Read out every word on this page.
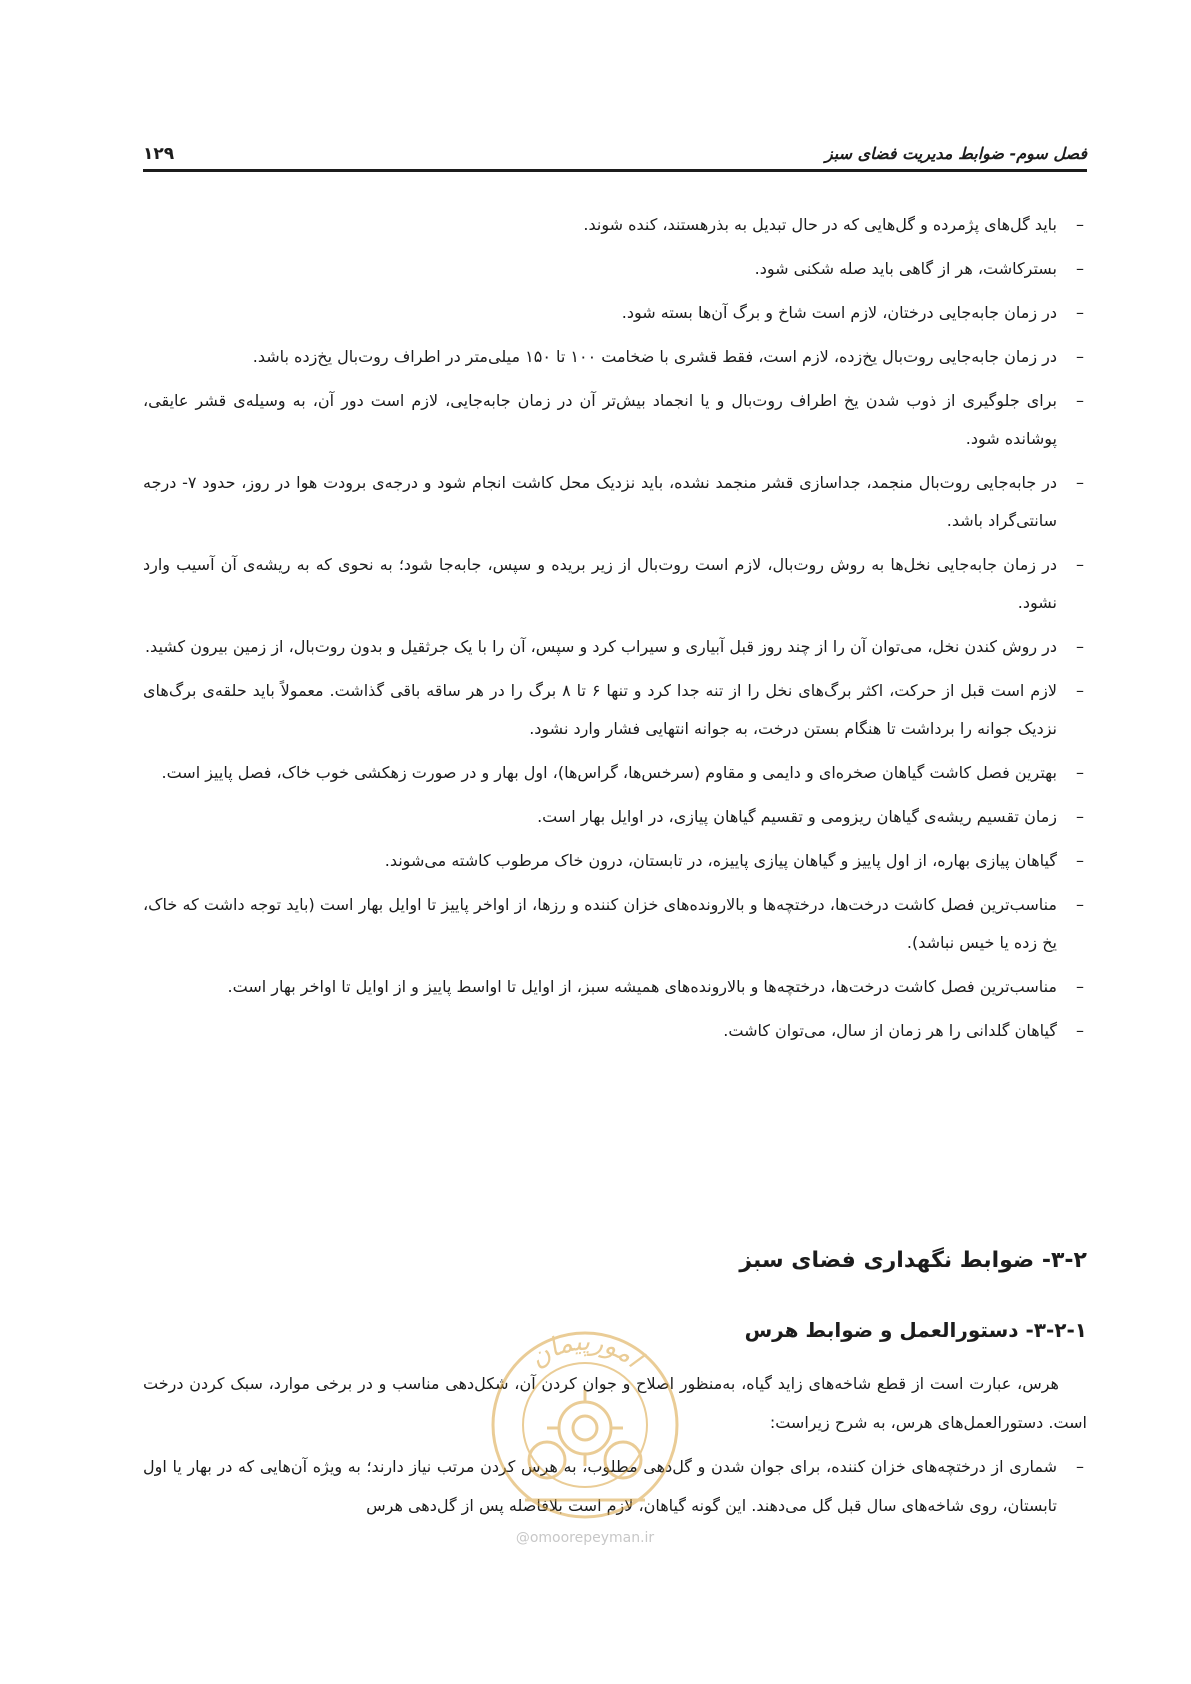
فصل سوم- ضوابط مدیریت فضای سبز
۱۲۹
–
باید گل‌های پژمرده و گل‌هایی که در حال تبدیل به بذرهستند، کنده شوند.
–
بسترکاشت، هر از گاهی باید صله شکنی شود.
–
در زمان جابه‌جایی درختان، لازم است شاخ و برگ آن‌ها بسته شود.
–
در زمان جابه‌جایی روت‌بال یخ‌زده، لازم است، فقط قشری با ضخامت ۱۰۰ تا ۱۵۰ میلی‌متر در اطراف روت‌بال یخ‌زده باشد.
–
برای جلوگیری از ذوب شدن یخ اطراف روت‌بال و یا انجماد بیش‌تر آن در زمان جابه‌جایی، لازم است دور آن، به وسیله‌ی قشر عایقی، پوشانده شود.
–
در جابه‌جایی روت‌بال منجمد، جداسازی قشر منجمد نشده، باید نزدیک محل کاشت انجام شود و درجه‌ی برودت هوا در روز، حدود ۷- درجه سانتی‌گراد باشد.
–
در زمان جابه‌جایی نخل‌ها به روش روت‌بال، لازم است روت‌بال از زیر بریده و سپس، جابه‌جا شود؛ به نحوی که به ریشه‌ی آن آسیب وارد نشود.
–
در روش کندن نخل، می‌توان آن را از چند روز قبل آبیاری و سیراب کرد و سپس، آن را با یک جرثقیل و بدون روت‌بال، از زمین بیرون کشید.
–
لازم است قبل از حرکت، اکثر برگ‌های نخل را از تنه جدا کرد و تنها ۶ تا ۸ برگ را در هر ساقه باقی گذاشت. معمولاً باید حلقه‌ی برگ‌های نزدیک جوانه را برداشت تا هنگام بستن درخت، به جوانه انتهایی فشار وارد نشود.
–
بهترین فصل کاشت گیاهان صخره‌ای و دایمی و مقاوم (سرخس‌ها، گراس‌ها)، اول بهار و در صورت زهکشی خوب خاک، فصل پاییز است.
–
زمان تقسیم ریشه‌ی گیاهان ریزومی و تقسیم گیاهان پیازی، در اوایل بهار است.
–
گیاهان پیازی بهاره، از اول پاییز و گیاهان پیازی پاییزه، در تابستان، درون خاک مرطوب کاشته می‌شوند.
–
مناسب‌ترین فصل کاشت درخت‌ها، درختچه‌ها و بالارونده‌های خزان کننده و رزها، از اواخر پاییز تا اوایل بهار است (باید توجه داشت که خاک، یخ زده یا خیس نباشد).
–
مناسب‌ترین فصل کاشت درخت‌ها، درختچه‌ها و بالارونده‌های همیشه سبز، از اوایل تا اواسط پاییز و از اوایل تا اواخر بهار است.
–
گیاهان گلدانی را هر زمان از سال، می‌توان کاشت.
۳-۲- ضوابط نگهداری فضای سبز
۳-۲-۱- دستورالعمل و ضوابط هرس

هرس، عبارت است از قطع شاخه‌های زاید گیاه، به‌منظور اصلاح و جوان کردن آن، شکل‌دهی مناسب و در برخی موارد، سبک کردن درخت است. دستورالعمل‌های هرس، به شرح زیراست:

–
شماری از درختچه‌های خزان کننده، برای جوان شدن و گل‌دهی مطلوب، به هرس کردن مرتب نیاز دارند؛ به ویژه آن‌هایی که در بهار یا اول تابستان، روی شاخه‌های سال قبل گل می‌دهند. این گونه گیاهان، لازم است بلافاصله پس از گل‌دهی هرس
امورپیمان
@omoorepeyman.ir
